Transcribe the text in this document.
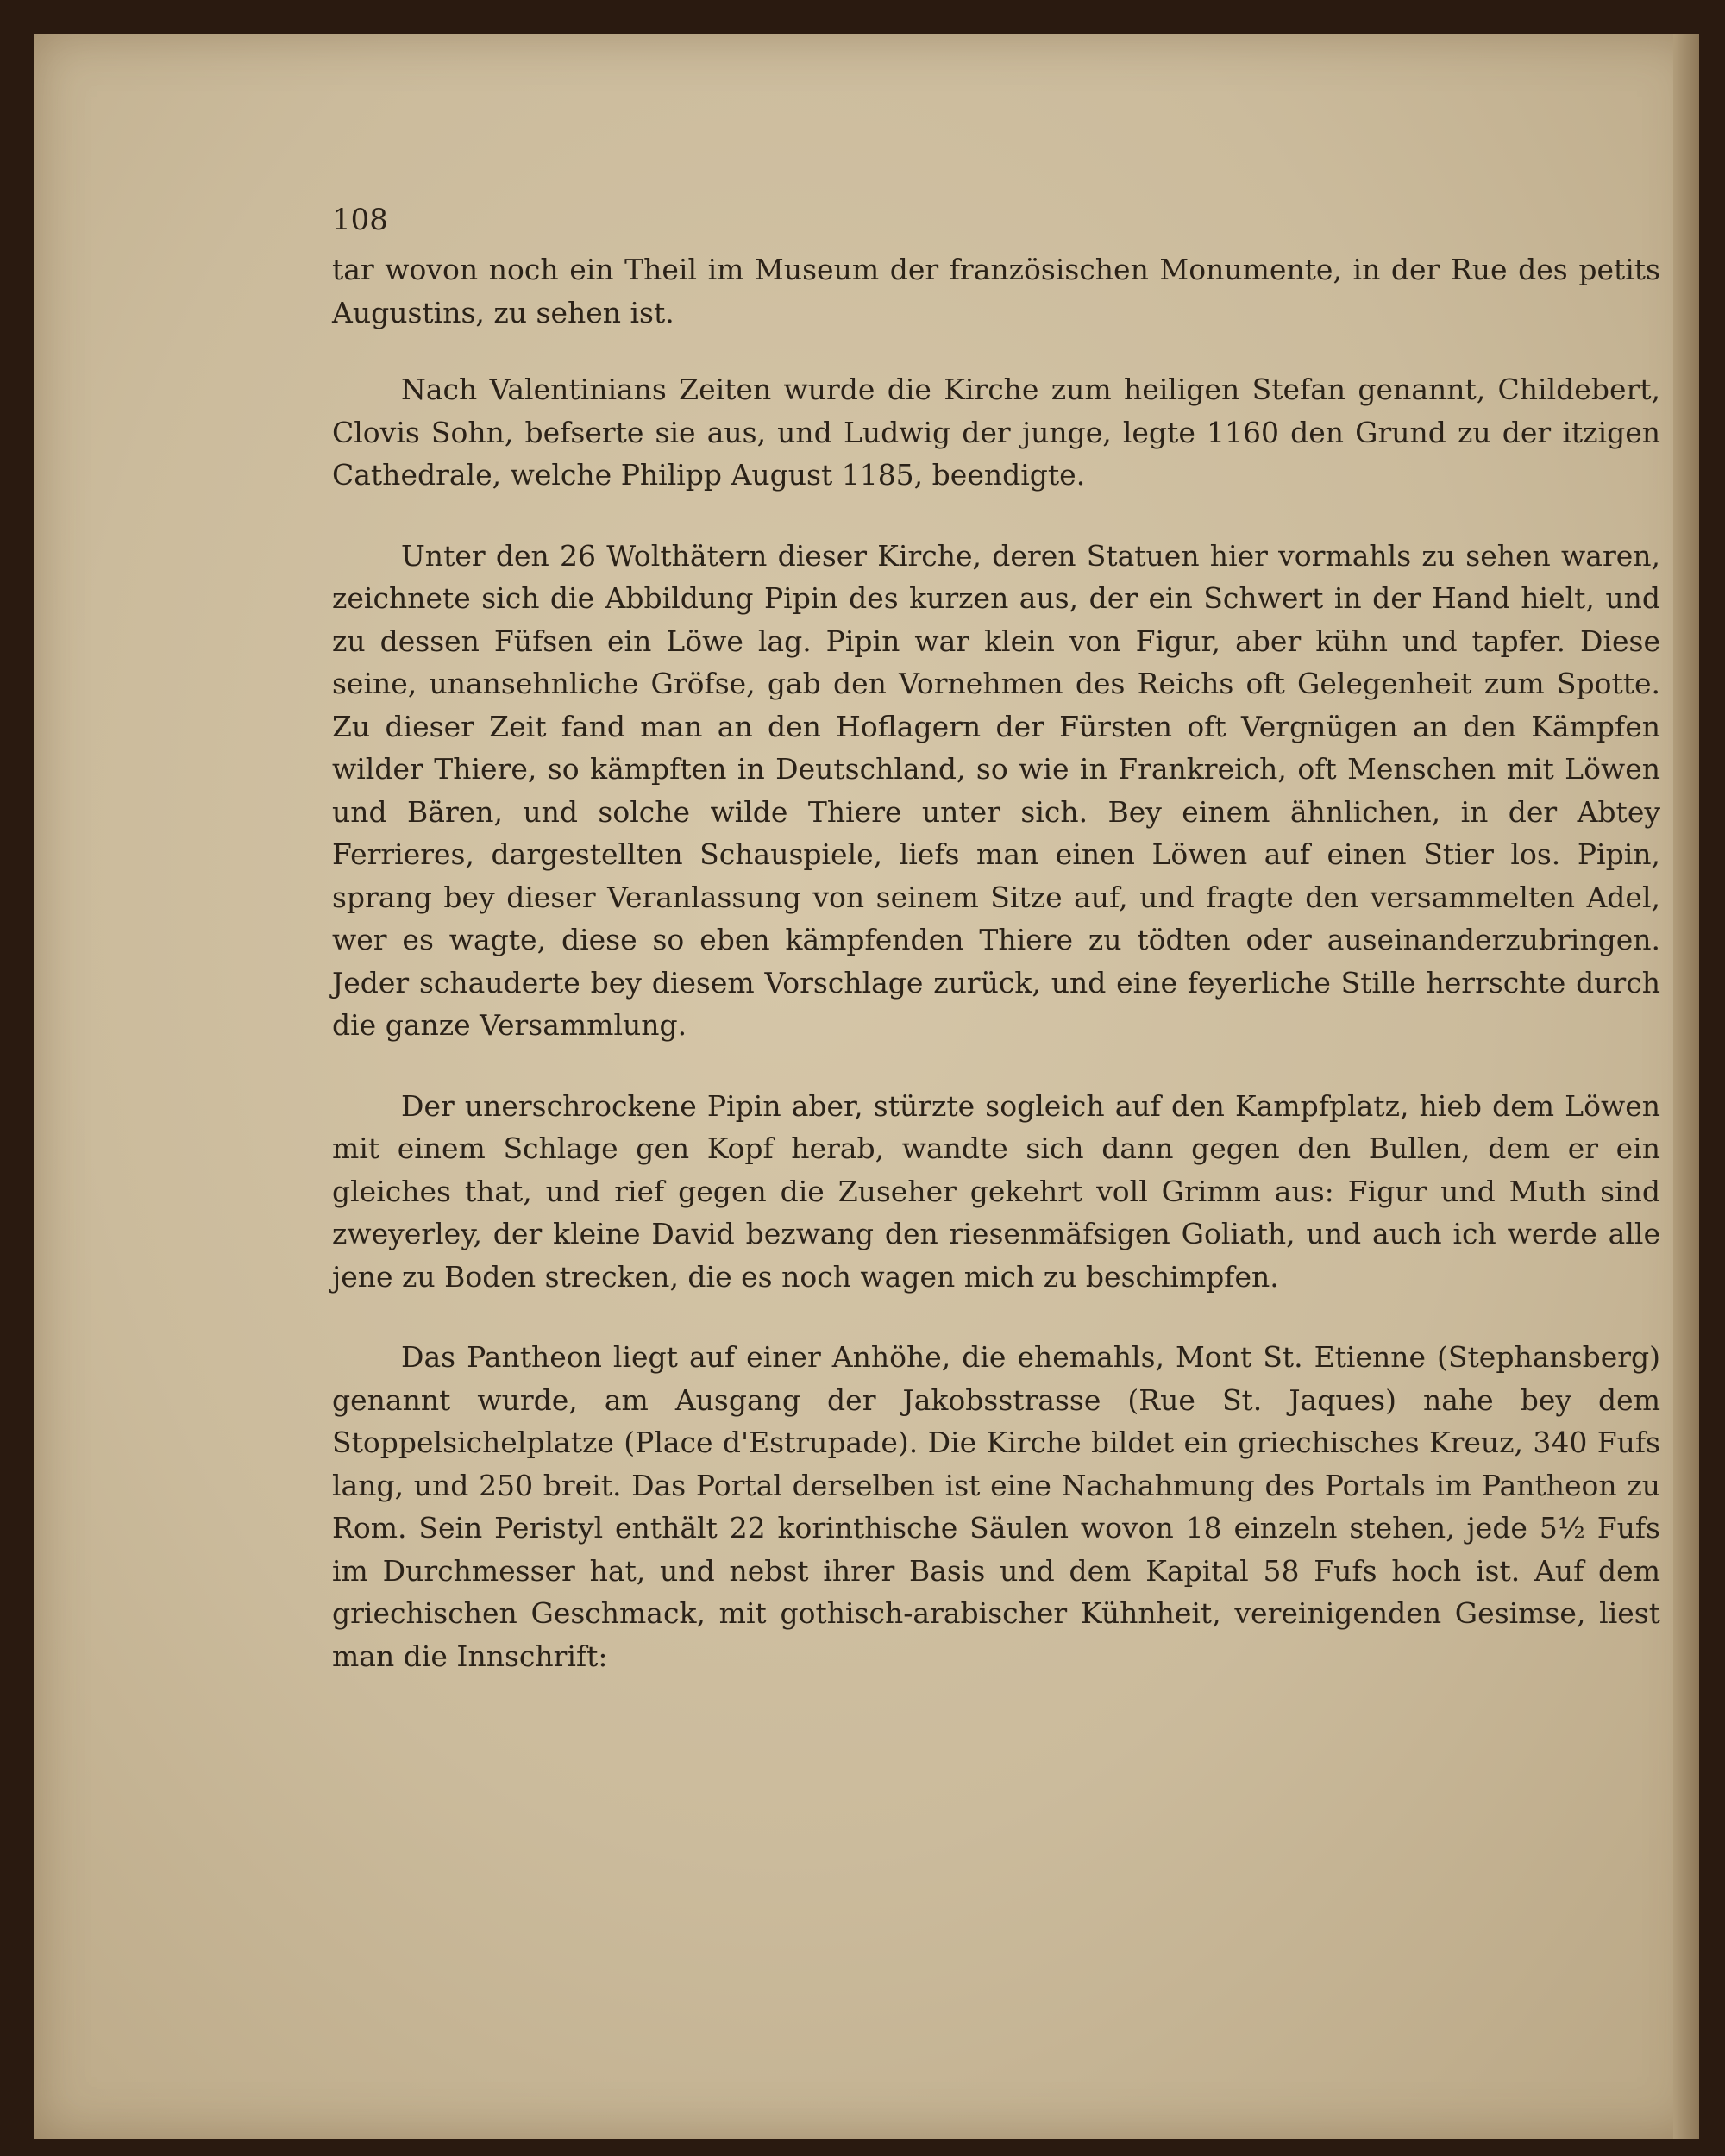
108

tar wovon noch ein Theil im Museum der französischen Monumente, in der Rue des petits Augustins, zu sehen ist.

Nach Valentinians Zeiten wurde die Kirche zum heiligen Stefan genannt, Childebert, Clovis Sohn, befserte sie aus, und Ludwig der junge, legte 1160 den Grund zu der itzigen Cathedrale, welche Philipp August 1185, beendigte.

Unter den 26 Wolthätern dieser Kirche, deren Statuen hier vormahls zu sehen waren, zeichnete sich die Abbildung Pipin des kurzen aus, der ein Schwert in der Hand hielt, und zu dessen Füfsen ein Löwe lag. Pipin war klein von Figur, aber kühn und tapfer. Diese seine, unansehnliche Gröfse, gab den Vornehmen des Reichs oft Gelegenheit zum Spotte. Zu dieser Zeit fand man an den Hoflagern der Fürsten oft Vergnügen an den Kämpfen wilder Thiere, so kämpften in Deutschland, so wie in Frankreich, oft Menschen mit Löwen und Bären, und solche wilde Thiere unter sich. Bey einem ähnlichen, in der Abtey Ferrieres, dargestellten Schauspiele, liefs man einen Löwen auf einen Stier los. Pipin, sprang bey dieser Veranlassung von seinem Sitze auf, und fragte den versammelten Adel, wer es wagte, diese so eben kämpfenden Thiere zu tödten oder auseinanderzubringen. Jeder schauderte bey diesem Vorschlage zurück, und eine feyerliche Stille herrschte durch die ganze Versammlung.

Der unerschrockene Pipin aber, stürzte sogleich auf den Kampfplatz, hieb dem Löwen mit einem Schlage gen Kopf herab, wandte sich dann gegen den Bullen, dem er ein gleiches that, und rief gegen die Zuseher gekehrt voll Grimm aus: Figur und Muth sind zweyerley, der kleine David bezwang den riesenmäfsigen Goliath, und auch ich werde alle jene zu Boden strecken, die es noch wagen mich zu beschimpfen.

Das Pantheon liegt auf einer Anhöhe, die ehemahls, Mont St. Etienne (Stephansberg) genannt wurde, am Ausgang der Jakobsstrasse (Rue St. Jaques) nahe bey dem Stoppelsichelplatze (Place d'Estrupade). Die Kirche bildet ein griechisches Kreuz, 340 Fufs lang, und 250 breit. Das Portal derselben ist eine Nachahmung des Portals im Pantheon zu Rom. Sein Peristyl enthält 22 korinthische Säulen wovon 18 einzeln stehen, jede 5½ Fufs im Durchmesser hat, und nebst ihrer Basis und dem Kapital 58 Fufs hoch ist. Auf dem griechischen Geschmack, mit gothisch-arabischer Kühnheit, vereinigenden Gesimse, liest man die Innschrift:
